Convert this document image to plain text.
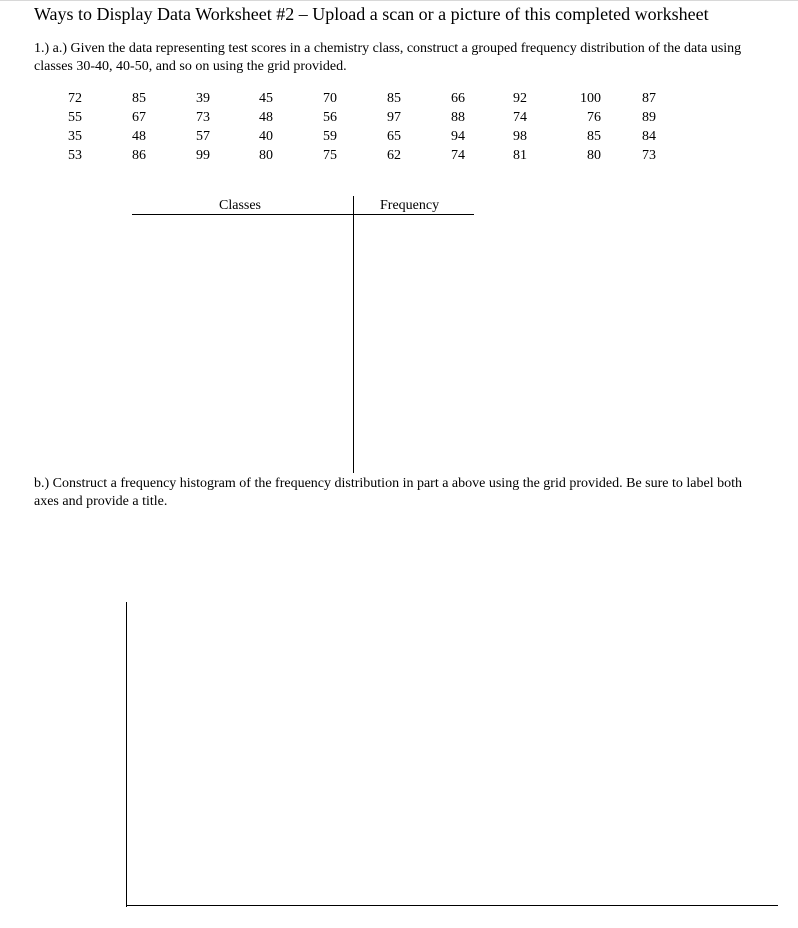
Ways to Display Data Worksheet #2 – Upload a scan or a picture of this completed worksheet
1.) a.) Given the data representing test scores in a chemistry class, construct a grouped frequency distribution of the data using classes 30-40, 40-50, and so on using the grid provided.
72	85	39	45	70	85	66	92	100	87
55	67	73	48	56	97	88	74	76	89
35	48	57	40	59	65	94	98	85	84
53	86	99	80	75	62	74	81	80	73
Classes	Frequency
b.) Construct a frequency histogram of the frequency distribution in part a above using the grid provided. Be sure to label both axes and provide a title.
